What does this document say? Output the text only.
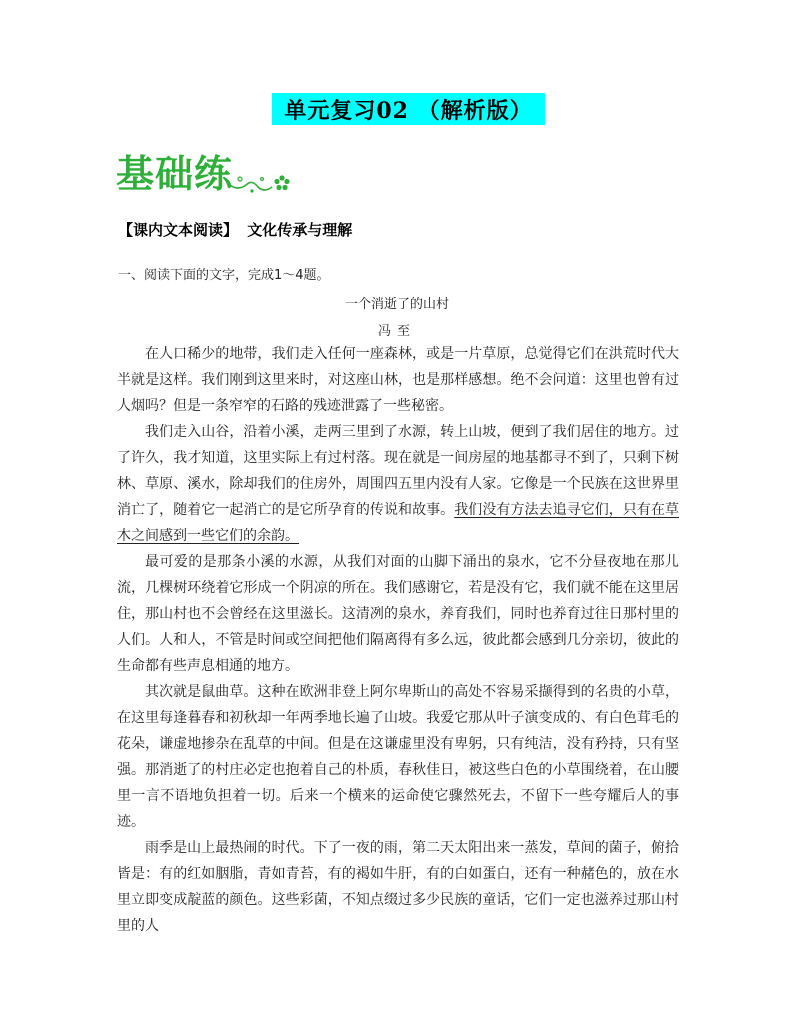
单元复习02 （解析版）
基础练
【课内文本阅读】 文化传承与理解
一、阅读下面的文字，完成1～4题。
一个消逝了的山村
冯至

在人口稀少的地带，我们走入任何一座森林，或是一片草原，总觉得它们在洪荒时代大半就是这样。我们刚到这里来时，对这座山林，也是那样感想。绝不会问道：这里也曾有过人烟吗？但是一条窄窄的石路的残迹泄露了一些秘密。

我们走入山谷，沿着小溪，走两三里到了水源，转上山坡，便到了我们居住的地方。过了许久，我才知道，这里实际上有过村落。现在就是一间房屋的地基都寻不到了，只剩下树林、草原、溪水，除却我们的住房外，周围四五里内没有人家。它像是一个民族在这世界里消亡了，随着它一起消亡的是它所孕育的传说和故事。我们没有方法去追寻它们，只有在草木之间感到一些它们的余韵。

最可爱的是那条小溪的水源，从我们对面的山脚下涌出的泉水，它不分昼夜地在那儿流，几棵树环绕着它形成一个阴凉的所在。我们感谢它，若是没有它，我们就不能在这里居住，那山村也不会曾经在这里滋长。这清冽的泉水，养育我们，同时也养育过往日那村里的人们。人和人，不管是时间或空间把他们隔离得有多么远，彼此都会感到几分亲切，彼此的生命都有些声息相通的地方。

其次就是鼠曲草。这种在欧洲非登上阿尔卑斯山的高处不容易采撷得到的名贵的小草，在这里每逢暮春和初秋却一年两季地长遍了山坡。我爱它那从叶子演变成的、有白色茸毛的花朵，谦虚地掺杂在乱草的中间。但是在这谦虚里没有卑躬，只有纯洁，没有矜持，只有坚强。那消逝了的村庄必定也抱着自己的朴质，春秋佳日，被这些白色的小草围绕着，在山腰里一言不语地负担着一切。后来一个横来的运命使它骤然死去，不留下一些夸耀后人的事迹。

雨季是山上最热闹的时代。下了一夜的雨，第二天太阳出来一蒸发，草间的菌子，俯拾皆是：有的红如胭脂，青如青苔，有的褐如牛肝，有的白如蛋白，还有一种赭色的，放在水里立即变成靛蓝的颜色。这些彩菌，不知点缀过多少民族的童话，它们一定也滋养过那山村里的人
